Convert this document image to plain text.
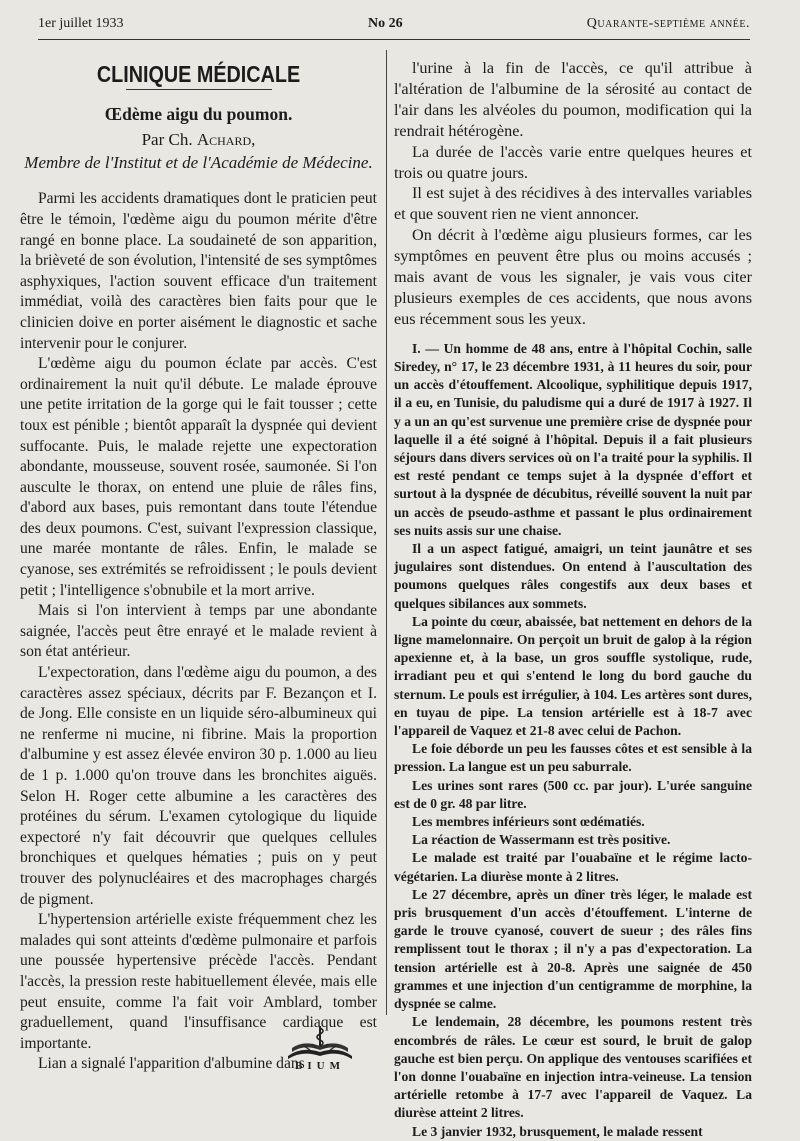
1er juillet 1933	No 26	Quarante-septième année.
CLINIQUE MÉDICALE
Œdème aigu du poumon.
Par Ch. Achard,
Membre de l'Institut et de l'Académie de Médecine.

Parmi les accidents dramatiques dont le praticien peut être le témoin, l'œdème aigu du poumon mérite d'être rangé en bonne place. La soudaineté de son apparition, la brièveté de son évolution, l'intensité de ses symptômes asphyxiques, l'action souvent efficace d'un traitement immédiat, voilà des caractères bien faits pour que le clinicien doive en porter aisément le diagnostic et sache intervenir pour le conjurer.

L'œdème aigu du poumon éclate par accès. C'est ordinairement la nuit qu'il débute. Le malade éprouve une petite irritation de la gorge qui le fait tousser ; cette toux est pénible ; bientôt apparaît la dyspnée qui devient suffocante. Puis, le malade rejette une expectoration abondante, mousseuse, souvent rosée, saumonée. Si l'on ausculte le thorax, on entend une pluie de râles fins, d'abord aux bases, puis remontant dans toute l'étendue des deux poumons. C'est, suivant l'expression classique, une marée montante de râles. Enfin, le malade se cyanose, ses extrémités se refroidissent ; le pouls devient petit ; l'intelligence s'obnubile et la mort arrive.

Mais si l'on intervient à temps par une abondante saignée, l'accès peut être enrayé et le malade revient à son état antérieur.

L'expectoration, dans l'œdème aigu du poumon, a des caractères assez spéciaux, décrits par F. Bezançon et I. de Jong. Elle consiste en un liquide séro-albumineux qui ne renferme ni mucine, ni fibrine. Mais la proportion d'albumine y est assez élevée environ 30 p. 1.000 au lieu de 1 p. 1.000 qu'on trouve dans les bronchites aiguës. Selon H. Roger cette albumine a les caractères des protéines du sérum. L'examen cytologique du liquide expectoré n'y fait découvrir que quelques cellules bronchiques et quelques hématies ; puis on y peut trouver des polynucléaires et des macrophages chargés de pigment.

L'hypertension artérielle existe fréquemment chez les malades qui sont atteints d'œdème pulmonaire et parfois une poussée hypertensive précède l'accès. Pendant l'accès, la pression reste habituellement élevée, mais elle peut ensuite, comme l'a fait voir Amblard, tomber graduellement, quand l'insuffisance cardiaque est importante.

Lian a signalé l'apparition d'albumine dans

l'urine à la fin de l'accès, ce qu'il attribue à l'altération de l'albumine de la sérosité au contact de l'air dans les alvéoles du poumon, modification qui la rendrait hétérogène.

La durée de l'accès varie entre quelques heures et trois ou quatre jours.

Il est sujet à des récidives à des intervalles variables et que souvent rien ne vient annoncer.

On décrit à l'œdème aigu plusieurs formes, car les symptômes en peuvent être plus ou moins accusés ; mais avant de vous les signaler, je vais vous citer plusieurs exemples de ces accidents, que nous avons eus récemment sous les yeux.

I. — Un homme de 48 ans, entre à l'hôpital Cochin, salle Siredey, n° 17, le 23 décembre 1931, à 11 heures du soir, pour un accès d'étouffement. Alcoolique, syphilitique depuis 1917, il a eu, en Tunisie, du paludisme qui a duré de 1917 à 1927. Il y a un an qu'est survenue une première crise de dyspnée pour laquelle il a été soigné à l'hôpital. Depuis il a fait plusieurs séjours dans divers services où on l'a traité pour la syphilis. Il est resté pendant ce temps sujet à la dyspnée d'effort et surtout à la dyspnée de décubitus, réveillé souvent la nuit par un accès de pseudo-asthme et passant le plus ordinairement ses nuits assis sur une chaise.

Il a un aspect fatigué, amaigri, un teint jaunâtre et ses jugulaires sont distendues. On entend à l'auscultation des poumons quelques râles congestifs aux deux bases et quelques sibilances aux sommets.

La pointe du cœur, abaissée, bat nettement en dehors de la ligne mamelonnaire. On perçoit un bruit de galop à la région apexienne et, à la base, un gros souffle systolique, rude, irradiant peu et qui s'entend le long du bord gauche du sternum. Le pouls est irrégulier, à 104. Les artères sont dures, en tuyau de pipe. La tension artérielle est à 18-7 avec l'appareil de Vaquez et 21-8 avec celui de Pachon.

Le foie déborde un peu les fausses côtes et est sensible à la pression. La langue est un peu saburrale.

Les urines sont rares (500 cc. par jour). L'urée sanguine est de 0 gr. 48 par litre.

Les membres inférieurs sont œdématiés.

La réaction de Wassermann est très positive.

Le malade est traité par l'ouabaïne et le régime lacto-végétarien. La diurèse monte à 2 litres.

Le 27 décembre, après un dîner très léger, le malade est pris brusquement d'un accès d'étouffement. L'interne de garde le trouve cyanosé, couvert de sueur ; des râles fins remplissent tout le thorax ; il n'y a pas d'expectoration. La tension artérielle est à 20-8. Après une saignée de 450 grammes et une injection d'un centigramme de morphine, la dyspnée se calme.

Le lendemain, 28 décembre, les poumons restent très encombrés de râles. Le cœur est sourd, le bruit de galop gauche est bien perçu. On applique des ventouses scarifiées et l'on donne l'ouabaïne en injection intra-veineuse. La tension artérielle retombe à 17-7 avec l'appareil de Vaquez. La diurèse atteint 2 litres.

Le 3 janvier 1932, brusquement, le malade ressent

BIUM
